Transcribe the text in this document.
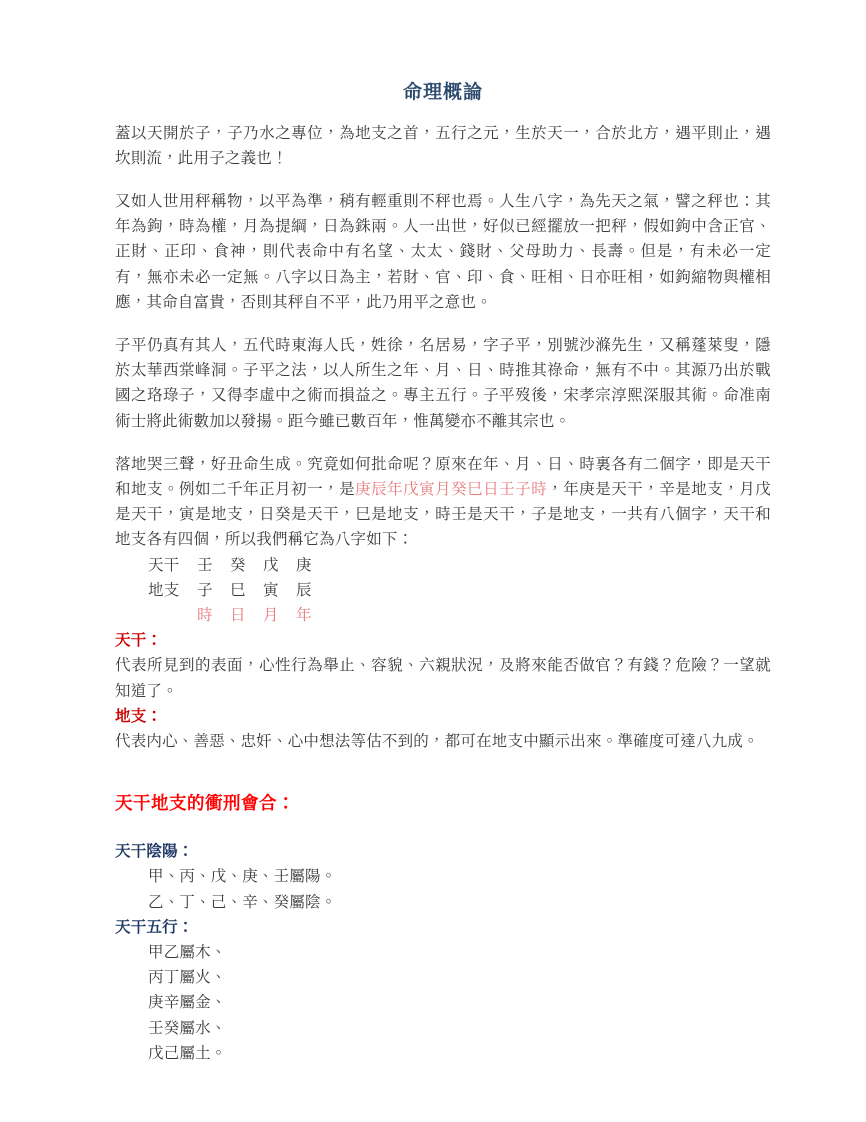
命理概論

蓋以天開於子，子乃水之專位，為地支之首，五行之元，生於天一，合於北方，遇平則止，遇坎則流，此用子之義也！

又如人世用秤稱物，以平為準，稍有輕重則不秤也焉。人生八字，為先天之氣，譬之秤也：其年為鉤，時為權，月為提綱，日為銖兩。人一出世，好似已經擺放一把秤，假如鉤中含正官、正財、正印、食神，則代表命中有名望、太太、錢財、父母助力、長壽。但是，有未必一定有，無亦未必一定無。八字以日為主，若財、官、印、食、旺相、日亦旺相，如鉤縮物與權相應，其命自富貴，否則其秤自不平，此乃用平之意也。

子平仍真有其人，五代時東海人氏，姓徐，名居易，字子平，別號沙滌先生，又稱蓬萊叟，隱於太華西棠峰洞。子平之法，以人所生之年、月、日、時推其祿命，無有不中。其源乃出於戰國之珞琭子，又得李虛中之術而損益之。專主五行。子平歿後，宋孝宗淳熙深服其術。命准南術士將此術數加以發揚。距今雖已數百年，惟萬變亦不離其宗也。

落地哭三聲，好丑命生成。究竟如何批命呢？原來在年、月、日、時裏各有二個字，即是天干和地支。例如二千年正月初一，是庚辰年戊寅月癸巳日壬子時，年庚是天干，辛是地支，月戊是天干，寅是地支，日癸是天干，巳是地支，時壬是天干，子是地支，一共有八個字，天干和地支各有四個，所以我們稱它為八字如下：

天干 壬 癸 戊 庚
地支 子 巳 寅 辰
時 日 月 年
天干：

代表所見到的表面，心性行為舉止、容貌、六親狀況，及將來能否做官？有錢？危險？一望就知道了。

地支：

代表内心、善惡、忠奸、心中想法等估不到的，都可在地支中顯示出來。準確度可達八九成。

天干地支的衝刑會合：
天干陰陽：
甲、丙、戊、庚、壬屬陽。
乙、丁、己、辛、癸屬陰。
天干五行：
甲乙屬木、
丙丁屬火、
庚辛屬金、
壬癸屬水、
戊己屬土。
